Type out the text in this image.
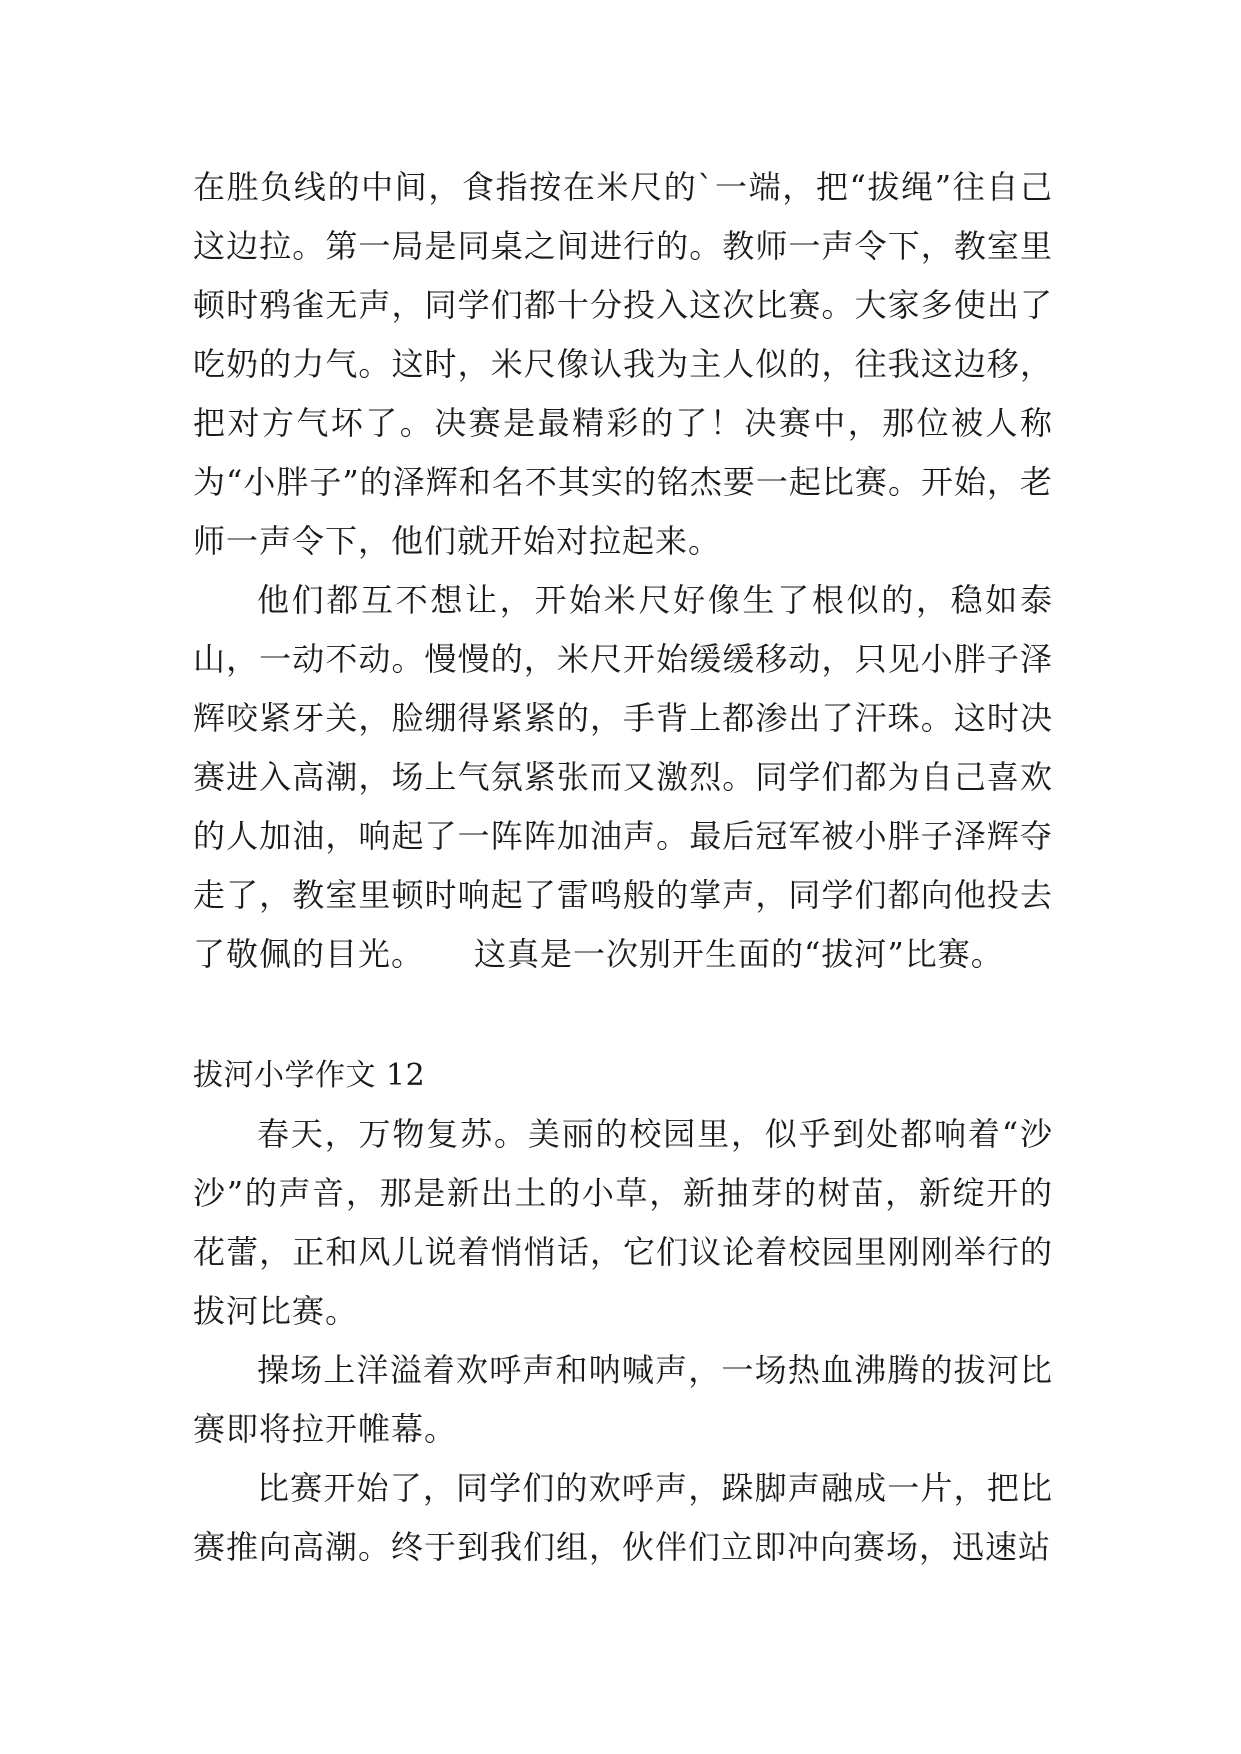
在胜负线的中间，食指按在米尺的`一端，把“拔绳”往自己这边拉。第一局是同桌之间进行的。教师一声令下，教室里顿时鸦雀无声，同学们都十分投入这次比赛。大家多使出了吃奶的力气。这时，米尺像认我为主人似的，往我这边移，把对方气坏了。决赛是最精彩的了！决赛中，那位被人称为“小胖子”的泽辉和名不其实的铭杰要一起比赛。开始，老师一声令下，他们就开始对拉起来。

他们都互不想让，开始米尺好像生了根似的，稳如泰山，一动不动。慢慢的，米尺开始缓缓移动，只见小胖子泽辉咬紧牙关，脸绷得紧紧的，手背上都渗出了汗珠。这时决赛进入高潮，场上气氛紧张而又激烈。同学们都为自己喜欢的人加油，响起了一阵阵加油声。最后冠军被小胖子泽辉夺走了，教室里顿时响起了雷鸣般的掌声，同学们都向他投去了敬佩的目光。　　这真是一次别开生面的“拔河”比赛。

拔河小学作文 12

春天，万物复苏。美丽的校园里，似乎到处都响着“沙沙”的声音，那是新出土的小草，新抽芽的树苗，新绽开的花蕾，正和风儿说着悄悄话，它们议论着校园里刚刚举行的拔河比赛。

操场上洋溢着欢呼声和呐喊声，一场热血沸腾的拔河比赛即将拉开帷幕。

比赛开始了，同学们的欢呼声，跺脚声融成一片，把比赛推向高潮。终于到我们组，伙伴们立即冲向赛场，迅速站
